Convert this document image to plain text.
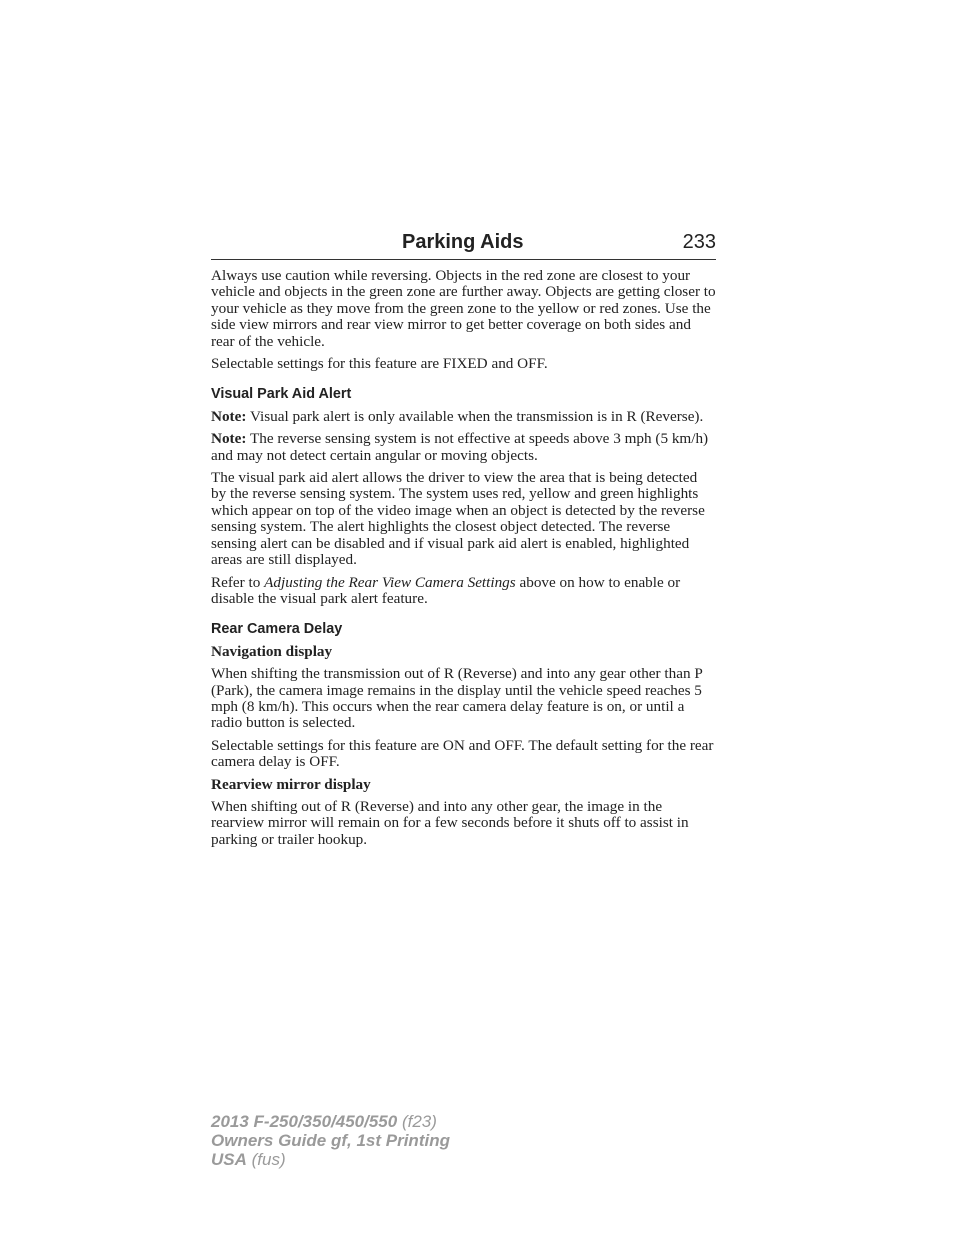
Parking Aids	233

Always use caution while reversing. Objects in the red zone are closest to your vehicle and objects in the green zone are further away. Objects are getting closer to your vehicle as they move from the green zone to the yellow or red zones. Use the side view mirrors and rear view mirror to get better coverage on both sides and rear of the vehicle.

Selectable settings for this feature are FIXED and OFF.

Visual Park Aid Alert

Note: Visual park alert is only available when the transmission is in R (Reverse).

Note: The reverse sensing system is not effective at speeds above 3 mph (5 km/h) and may not detect certain angular or moving objects.

The visual park aid alert allows the driver to view the area that is being detected by the reverse sensing system. The system uses red, yellow and green highlights which appear on top of the video image when an object is detected by the reverse sensing system. The alert highlights the closest object detected. The reverse sensing alert can be disabled and if visual park aid alert is enabled, highlighted areas are still displayed.

Refer to Adjusting the Rear View Camera Settings above on how to enable or disable the visual park alert feature.

Rear Camera Delay
Navigation display

When shifting the transmission out of R (Reverse) and into any gear other than P (Park), the camera image remains in the display until the vehicle speed reaches 5 mph (8 km/h). This occurs when the rear camera delay feature is on, or until a radio button is selected.

Selectable settings for this feature are ON and OFF. The default setting for the rear camera delay is OFF.

Rearview mirror display

When shifting out of R (Reverse) and into any other gear, the image in the rearview mirror will remain on for a few seconds before it shuts off to assist in parking or trailer hookup.

2013 F-250/350/450/550 (f23)
Owners Guide gf, 1st Printing
USA (fus)
